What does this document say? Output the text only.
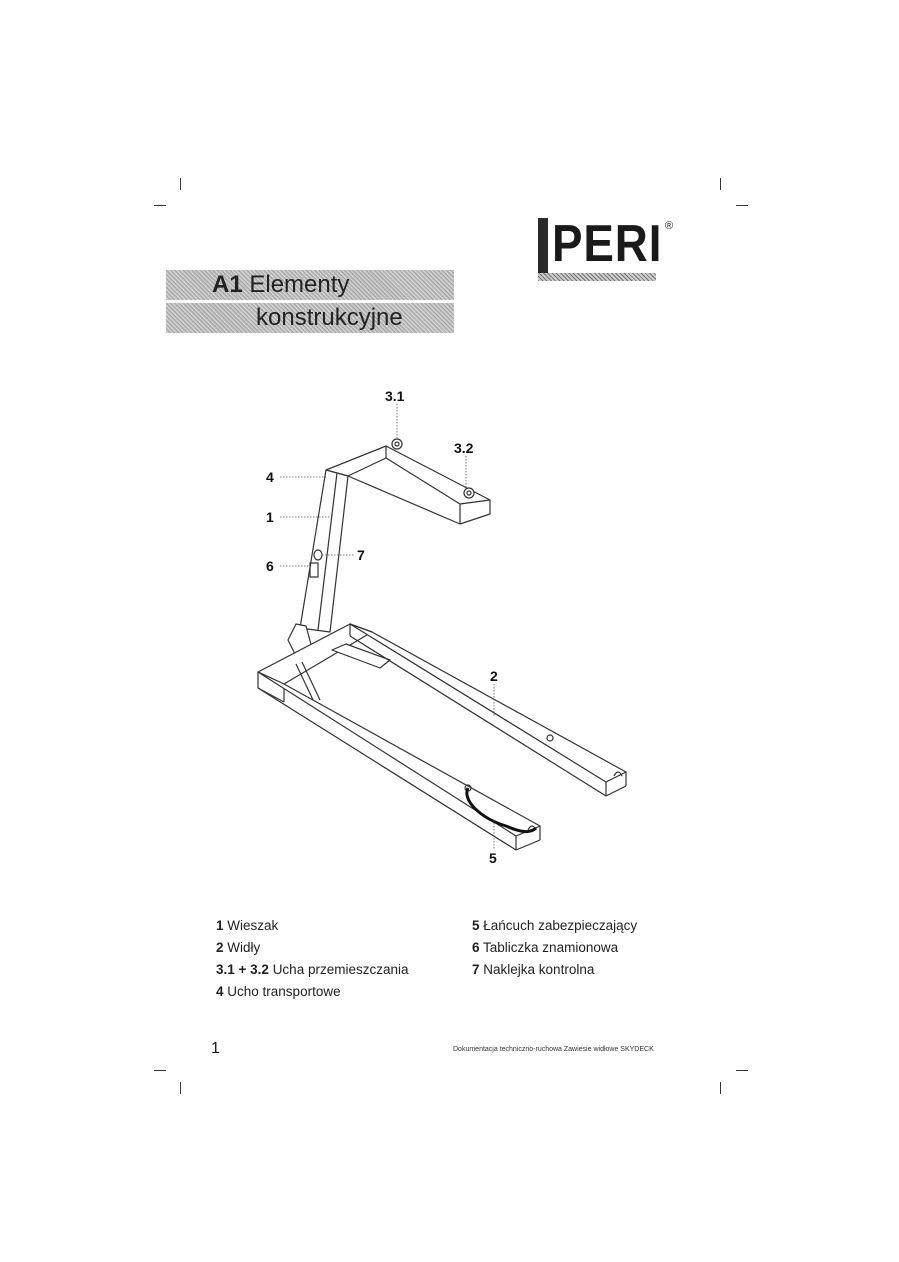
PERI ®
A1 Elementy
konstrukcyjne
3.1
3.2
4
1
6
7
2
5
1 Wieszak
2 Widły
3.1 + 3.2 Ucha przemieszczania
4 Ucho transportowe
5 Łańcuch zabezpieczający
6 Tabliczka znamionowa
7 Naklejka kontrolna
1	Dokumentacja techniczno-ruchowa Zawiesie widłowe SKYDECK
